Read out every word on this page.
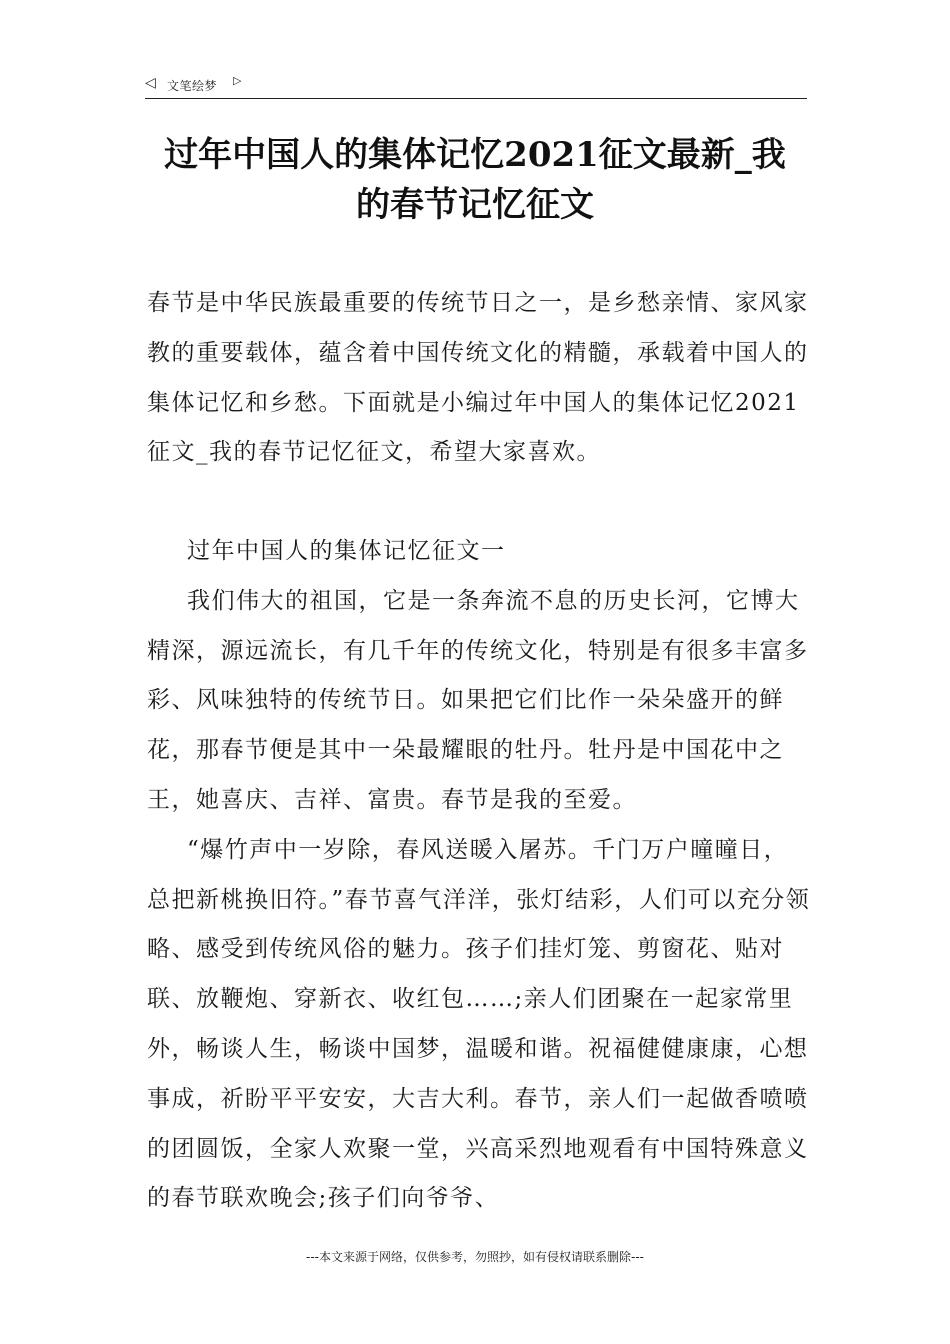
◁ 文笔绘梦 ▷
过年中国人的集体记忆2021征文最新_我
的春节记忆征文

春节是中华民族最重要的传统节日之一，是乡愁亲情、家风家教的重要载体，蕴含着中国传统文化的精髓，承载着中国人的集体记忆和乡愁。下面就是小编过年中国人的集体记忆2021征文_我的春节记忆征文，希望大家喜欢。

过年中国人的集体记忆征文一

我们伟大的祖国，它是一条奔流不息的历史长河，它博大精深，源远流长，有几千年的传统文化，特别是有很多丰富多彩、风味独特的传统节日。如果把它们比作一朵朵盛开的鲜花，那春节便是其中一朵最耀眼的牡丹。牡丹是中国花中之王，她喜庆、吉祥、富贵。春节是我的至爱。

“爆竹声中一岁除，春风送暖入屠苏。千门万户曈曈日，总把新桃换旧符。”春节喜气洋洋，张灯结彩，人们可以充分领略、感受到传统风俗的魅力。孩子们挂灯笼、剪窗花、贴对联、放鞭炮、穿新衣、收红包……;亲人们团聚在一起家常里外，畅谈人生，畅谈中国梦，温暖和谐。祝福健健康康，心想事成，祈盼平平安安，大吉大利。春节，亲人们一起做香喷喷的团圆饭，全家人欢聚一堂，兴高采烈地观看有中国特殊意义的春节联欢晚会;孩子们向爷爷、

---本文来源于网络，仅供参考，勿照抄，如有侵权请联系删除---
